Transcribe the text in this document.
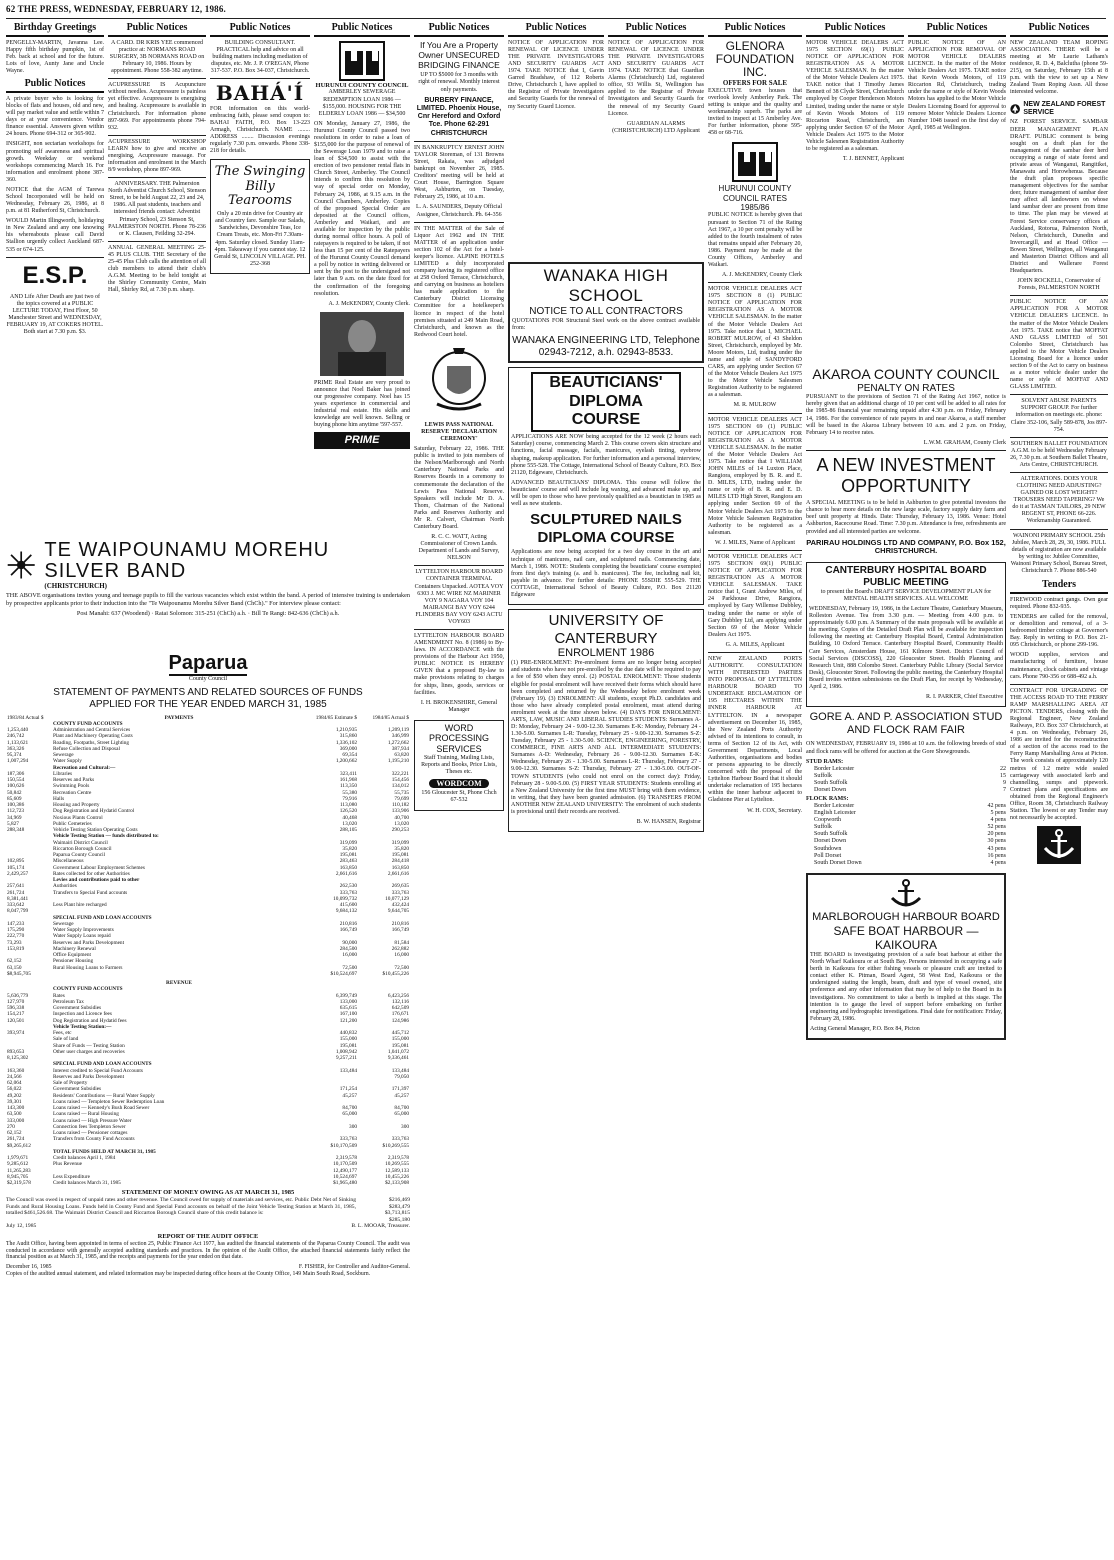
62 THE PRESS, WEDNESDAY, FEBRUARY 12, 1986.
Birthday Greetings

PENGELLY-MARTIN, Javanna Lee. Happy fifth birthday pumpkin, 1st of Feb. back at school and for the future. Lots of love, Aunty Jane and Uncle Wayne.

Public Notices

A private buyer who is looking for blocks of flats and houses, old and new, will pay market value and settle within 7 days or at your convenience. Vendor finance essential. Answers given within 24 hours. Phone 694-312 or 365-902.

INSIGHT, non sectarian workshops for promoting self awareness and spiritual growth. Weekday or weekend workshops commencing March 16. For information and enrolment phone 387-360.

NOTICE that the AGM of Tarewa School Incorporated will be held on Wednesday, February 26, 1986, at 8 p.m. at 81 Rutherford St, Christchurch.

WOULD Martin Illingworth, holidaying in New Zealand and any one knowing his whereabouts please call David Stallion urgently collect Auckland 687-535 or 674-125.

E.S.P.

AND Life After Death are just two of the topics covered at a PUBLIC LECTURE TODAY, First Floor, 50 Manchester Street and WEDNESDAY, FEBRUARY 19, AT COKERS HOTEL. Both start at 7.30 p.m. $3.

Public Notices

A CARD. DR KRIS YEE commenced practice at: NORMANS ROAD SURGERY, 3B NORMANS ROAD on February 10, 1986. Hours by appointment. Phone 558-382 anytime.

ACUPRESSURE IS Acupuncture without needles. Acupressure is painless yet effective. Acupressure is energising and healing. Acupressure is available in Christchurch. For information phone 897-969. For appointments phone 794-932.

ACUPRESSURE WORKSHOP LEARN how to give and receive an energising, Acupressure massage. For information and enrolment in the March 8/9 workshop, phone 897-969.

ANNIVERSARY. THE Palmerston North Adventist Church School, Stenson Street, to be held August 22, 23 and 24, 1986. All past students, teachers and interested friends contact: Adventist Primary School, 23 Stenson St, PALMERSTON NORTH. Phone 78-236 or K. Clausen, Feilding 32-294.

ANNUAL GENERAL MEETING 25-45 PLUS CLUB. THE Secretary of the 25-45 Plus Club calls the attention of all club members to attend their club's A.G.M. Meeting to be held tonight at the Shirley Community Centre, Main Hall, Shirley Rd, at 7.30 p.m. sharp.

Public Notices

BUILDING CONSULTANT. PRACTICAL help and advice on all building matters including mediation of disputes, etc. Mr. J. P. O'REGAN, Phone 317-537. P.O. Box 34-037, Christchurch.

BAHÁ'Í

FOR information on this world-embracing faith, please send coupon to: BAHAI FAITH, P.O. Box 13-223 Armagh, Christchurch. NAME ........ ADDRESS ........ Discussion evenings regularly 7.30 p.m. onwards. Phone 338-218 for details.

The Swinging Billy Tearooms

Only a 20 min drive for Country air and Country fare. Sample our Salads, Sandwiches, Devonshire Teas, Ice Cream Treats, etc. Mon-Fri 7.30am-4pm. Saturday closed. Sunday 11am-4pm. Takeaway if you cannot stay. 12 Gerald St, LINCOLN VILLAGE. PH. 252-368

Public Notices
HURUNUI COUNTY COUNCIL

AMBERLEY SEWERAGE REDEMPTION LOAN 1986 — $155,000. HOUSING FOR THE ELDERLY LOAN 1986 — $34,500

ON Monday, January 27, 1986, the Hurunui County Council passed two resolutions in order to raise a loan of $155,000 for the purpose of renewal of the Sewerage Loan 1979 and to raise a loan of $34,500 to assist with the erection of two pensioner rental flats in Church Street, Amberley. The Council intends to confirm this resolution by way of special order on Monday, February 24, 1986, at 9.15 a.m. in the Council Chambers, Amberley. Copies of the proposed Special Order are deposited at the Council offices, Amberley and Waikari, and are available for inspection by the public during normal office hours. A poll of ratepayers is required to be taken, if not less than 15 per cent of the Ratepayers of the Hurunui County Council demand a poll by notice in writing delivered or sent by the post to the undersigned not later than 9 a.m. on the date fixed for the confirmation of the foregoing resolution.

A. J. McKENDRY, County Clerk.

PRIME Real Estate are very proud to announce that Noel Baker has joined our progressive company. Noel has 15 years experience in commercial and industrial real estate. His skills and knowledge are well known. Selling or buying phone him anytime '597-557.

PRIME
Public Notices
If You Are a Property Owner UNSECURED BRIDGING FINANCE

UP TO $5000 for 3 months with right of renewal. Monthly interest only payments.

BURBERY FINANCE, LIMITED. Phoenix House, Cnr Hereford and Oxford Tce. Phone 62-291 CHRISTCHURCH

IN BANKRUPTCY ERNEST JOHN TAYLOR Storeman, of 131 Browns Street, Rakaia, was adjudged bankrupt on November 26, 1985. Creditors' meeting will be held at Court House, Barrington Square West, Ashburton, on Tuesday, February 25, 1986, at 10 a.m.

L. A. SAUNDERS, Deputy Official Assignee, Christchurch. Ph. 64-356

IN THE MATTER of the Sale of Liquor Act 1962 and IN THE MATTER of an application under section 102 of the Act for a hotel-keeper's licence. ALPINE HOTELS LIMITED a duly incorporated company having its registered office at 258 Oxford Terrace, Christchurch, and carrying on business as hoteliers has made application to the Canterbury District Licensing Committee for a hotelkeeper's licence in respect of the hotel premises situated at 249 Main Road, Christchurch, and known as the Redwood Court hotel.

LEWIS PASS NATIONAL RESERVE 'DECLARATION CEREMONY'

Saturday, February 22, 1986. THE public is invited to join members of the Nelson/Marlborough and North Canterbury National Parks and Reserves Boards in a ceremony to commemorate the declaration of the Lewis Pass National Reserve. Speakers will include Mr D. A. Thom, Chairman of the National Parks and Reserves Authority and Mr R. Calvert, Chairman North Canterbury Board.

R. C. C. WATT, Acting Commissioner of Crown Lands. Department of Lands and Survey, NELSON

LYTTELTON HARBOUR BOARD CONTAINER TERMINAL Containers Unpacked. AOTEA VOY 6303 J. MC WIRE NZ MARINER VOY 9 NAGARA VOY 104 MAIRANGI BAY VOY 6244 FLINDERS BAY VOY 6243 ACTU VOY603

LYTTELTON HARBOUR BOARD AMENDMENT No. 8 (1986) to By-laws. IN ACCORDANCE with the provisions of the Harbour Act 1950, PUBLIC NOTICE IS HEREBY GIVEN that a proposed By-law to make provisions relating to charges for ships, lines, goods, services or facilities.

I. H. BROKENSHIRE, General Manager

WORD PROCESSING SERVICES

Staff Training, Mailing Lists, Reports and Books, Price Lists, Theses etc.

WORDCOM

156 Gloucester St, Phone Chch 67-532

Public Notices

NOTICE OF APPLICATION FOR RENEWAL OF LICENCE UNDER THE PRIVATE INVESTIGATORS AND SECURITY GUARDS ACT 1974. TAKE NOTICE that I, Gavin Garred Bradshaw, of 112 Roberts Drive, Christchurch I, have applied to the Registrar of Private Investigators and Security Guards for the renewal of my Security Guard Licence.

Public Notices

NOTICE OF APPLICATION FOR RENEWAL OF LICENCE UNDER THE PRIVATE INVESTIGATORS AND SECURITY GUARDS ACT 1974. TAKE NOTICE that Guardian Alarms (Christchurch) Ltd, registered office, 93 Willis St, Wellington has applied to the Registrar of Private Investigators and Security Guards for the renewal of my Security Guard Licence.

GUARDIAN ALARMS (CHRISTCHURCH) LTD Applicant

WANAKA HIGH SCHOOL
NOTICE TO ALL CONTRACTORS

QUOTATIONS FOR Structural Steel work on the above contract available from:

WANAKA ENGINEERING LTD, Telephone 02943-7212, a.h. 02943-8533.
BEAUTICIANS' DIPLOMA COURSE

APPLICATIONS ARE NOW being accepted for the 12 week (2 hours each Saturday) course, commencing March 2. This course covers skin structure and functions, facial massage, facials, manicures, eyelash tinting, eyebrow shaping, makeup application. For further information and a personal interview, phone 555-528. The Cottage, International School of Beauty Culture, P.O. Box 21120, Edgeware, Christchurch.

ADVANCED BEAUTICIANS' DIPLOMA. This course will follow the beauticians' course and will include leg waxing, and advanced make up, and will be open to those who have previously qualified as a beautician in 1985 as well as new students.

SCULPTURED NAILS DIPLOMA COURSE

Applications are now being accepted for a two day course in the art and technique of manicures, nail care, and sculptured nails. Commencing date, March 1, 1986. NOTE: Students completing the beauticians' course exempted from first day's training (a. and b. manicures). The fee, including nail kit, payable in advance. For further details: PHONE 55SDIE 555-529. THE COTTAGE, International School of Beauty Culture, P.O. Box 21120 Edgeware

UNIVERSITY OF CANTERBURY
ENROLMENT 1986

(1) PRE-ENROLMENT: Pre-enrolment forms are no longer being accepted and students who have not pre-enrolled by the due date will be required to pay a fee of $50 when they enrol. (2) POSTAL ENROLMENT: Those students eligible for postal enrolment will have received their forms which should have been completed and returned by the Wednesday before enrolment week (February 19). (3) ENROLMENT: All students, except Ph.D. candidates and those who have already completed postal enrolment, must attend during enrolment week at the time shown below. (4) DAYS FOR ENROLMENT: ARTS, LAW, MUSIC AND LIBERAL STUDIES STUDENTS: Surnames A-D: Monday, February 24 - 9.00-12.30. Surnames E-K: Monday, February 24 - 1.30-5.00. Surnames L-R: Tuesday, February 25 - 9.00-12.30. Surnames S-Z: Tuesday, February 25 - 1.30-5.00. SCIENCE, ENGINEERING, FORESTRY, COMMERCE, FINE ARTS AND ALL INTERMEDIATE STUDENTS: Surnames A-D: Wednesday, February 26 - 9.00-12.30. Surnames E-K: Wednesday, February 26 - 1.30-5.00. Surnames L-R: Thursday, February 27 - 9.00-12.30. Surnames S-Z: Thursday, February 27 - 1.30-5.00. OUT-OF-TOWN STUDENTS (who could not enrol on the correct day): Friday, February 28 - 9.00-5.00. (5) FIRST YEAR STUDENTS: Students enrolling at a New Zealand University for the first time MUST bring with them evidence, in writing, that they have been granted admission. (6) TRANSFERS FROM ANOTHER NEW ZEALAND UNIVERSITY: The enrolment of such students is provisional until their records are received.

B. W. HANSEN, Registrar

Public Notices
GLENORA FOUNDATION INC.
OFFERS FOR SALE

EXECUTIVE town houses that overlook lovely Amberley Park. The setting is unique and the quality and workmanship superb. The parks are invited to inspect at 15 Amberley Ave. For further information, phone 595-458 or 68-716.

HURUNUI COUNTY COUNCIL RATES 1985/86

PUBLIC NOTICE is hereby given that pursuant to Section 71 of the Rating Act 1967, a 10 per cent penalty will be added to the fourth instalment of rates that remains unpaid after February 20, 1986. Payment may be made at the County Offices, Amberley and Waikari.

A. J. McKENDRY, County Clerk

MOTOR VEHICLE DEALERS ACT 1975 SECTION 8 (1) PUBLIC NOTICE OF APPLICATION FOR REGISTRATION AS A MOTOR VEHICLE SALESMAN. In the matter of the Motor Vehicle Dealers Act 1975. Take notice that I, MICHAEL ROBERT MULROW, of 43 Sheldon Street, Christchurch, employed by Mr. Moore Motors, Ltd, trading under the name and style of SANDYFORD CARS, am applying under Section 67 of the Motor Vehicle Dealers Act 1975 to the Motor Vehicle Salesmen Registration Authority to be registered as a salesman.

M. R. MULROW

MOTOR VEHICLE DEALERS ACT 1975 SECTION 69 (1) PUBLIC NOTICE OF APPLICATION FOR REGISTRATION AS A MOTOR VEHICLE SALESMAN. In the matter of the Motor Vehicle Dealers Act 1975. Take notice that I WILLIAM JOHN MILES of 14 Luxton Place, Rangiora, employed by B. R. and E. D. MILES, LTD, trading under the name or style of B. R. and E. D. MILES LTD High Street, Rangiora am applying under Section 69 of the Motor Vehicle Dealers Act 1975 to the Motor Vehicle Salesmen Registration Authority to be registered as a salesman.

W. J. MILES, Name of Applicant

MOTOR VEHICLE DEALERS ACT 1975 SECTION 69(1) PUBLIC NOTICE OF APPLICATION FOR REGISTRATION AS A MOTOR VEHICLE SALESMAN. TAKE notice that I, Grant Andrew Miles, of 24 Parkhouse Drive, Rangiora, employed by Gary Willemse Dubbley, trading under the name or style of Gary Dubbley Ltd, am applying under Section 69 of the Motor Vehicle Dealers Act 1975.

G. A. MILES, Applicant

NEW ZEALAND PORTS AUTHORITY. CONSULTATION WITH INTERESTED PARTIES INTO PROPOSAL OF LYTTELTON HARBOUR BOARD TO UNDERTAKE RECLAMATION OF 195 HECTARES WITHIN THE INNER HARBOUR AT LYTTELTON. IN a newspaper advertisement on December 16, 1985, the New Zealand Ports Authority advised of its intentions to consult, in terms of Section 12 of its Act, with Government Departments, Local Authorities, organisations and bodies or persons appearing to be directly concerned with the proposal of the Lyttelton Harbour Board that it should undertake reclamation of 195 hectares within the inner harbour adjacent to Gladstone Pier at Lyttelton.

W. H. COX, Secretary.

Public Notices

MOTOR VEHICLE DEALERS ACT 1975 SECTION 69(1) PUBLIC NOTICE OF APPLICATION FOR REGISTRATION AS A MOTOR VEHICLE SALESMAN. In the matter of the Motor Vehicle Dealers Act 1975. TAKE notice that I Timothy James Bennett of 38 Clyde Street, Christchurch employed by Cooper Henderson Motors Limited, trading under the name or style of Kevin Woods Motors of 119 Riccarton Road, Christchurch, am applying under Section 67 of the Motor Vehicle Dealers Act 1975 to the Motor Vehicle Salesmen Registration Authority to be registered as a salesman.

T. J. BENNET, Applicant

Public Notices

PUBLIC NOTICE OF AN APPLICATION FOR REMOVAL OF MOTOR VEHICLE DEALERS LICENCE. In the matter of the Motor Vehicle Dealers Act 1975. TAKE notice that Kevin Woods Motors, of 119 Riccarton Rd, Christchurch, trading under the name or style of Kevin Woods Motors has applied to the Motor Vehicle Dealers Licensing Board for approval to remove Motor Vehicle Dealers Licence Number 1048 issued on the first day of April, 1985 at Wellington.

AKAROA COUNTY COUNCIL
PENALTY ON RATES

PURSUANT to the provisions of Section 71 of the Rating Act 1967, notice is hereby given that an additional charge of 10 per cent will be added to all rates for the 1985-86 financial year remaining unpaid after 4.30 p.m. on Friday, February 14, 1986. For the convenience of rate payers in and near Akaroa, a staff member will be based in the Akaroa Library between 10 a.m. and 2 p.m. on Friday, February 14 to receive rates.

L.W.M. GRAHAM, County Clerk

A NEW INVESTMENT OPPORTUNITY

A SPECIAL MEETING is to be held in Ashburton to give potential investors the chance to hear more details on the new large scale, factory supply dairy farm and beef unit property at Hinds. Date: Thursday, February 13, 1986. Venue: Hotel Ashburton, Racecourse Road. Time: 7.30 p.m. Attendance is free, refreshments are provided and all interested parties are welcome.

PARIRAU HOLDINGS LTD AND COMPANY, P.O. Box 152, CHRISTCHURCH.

CANTERBURY HOSPITAL BOARD PUBLIC MEETING

to present the Board's DRAFT SERVICE DEVELOPMENT PLAN for MENTAL HEALTH SERVICES. ALL WELCOME

WEDNESDAY, February 19, 1986, in the Lecture Theatre, Canterbury Museum, Rolleston Avenue. Tea from 3.30 p.m. — Meeting from 4.00 p.m. to approximately 6.00 p.m. A Summary of the main proposals will be available at the meeting. Copies of the Detailed Draft Plan will be available for inspection following the meeting at: Canterbury Hospital Board, Central Administration Building, 10 Oxford Terrace. Canterbury Hospital Board, Community Health Care Services, Amsterdam House, 161 Kilmore Street. District Council of Social Services (DISCOSS), 220 Gloucester Street. Health Planning and Research Unit, 888 Colombo Street. Canterbury Public Library (Social Service Desk), Gloucester Street. Following the public meeting, the Canterbury Hospital Board invites written submissions on the Draft Plan, for receipt by Wednesday, April 2, 1986.

R. I. PARKER, Chief Executive

GORE A. AND P. ASSOCIATION STUD AND FLOCK RAM FAIR

ON WEDNESDAY, FEBRUARY 19, 1986 at 10 a.m. the following breeds of stud and flock rams will be offered for auction at the Gore Showgrounds.

STUD RAMS:
Border Leicester	22
Suffolk	15
South Suffolk	9
Dorset Down	7
FLOCK RAMS:
Border Leicester	42 pens
English Leicester	5 pens
Coopworth	4 pens
Suffolk	52 pens
South Suffolk	20 pens
Dorset Down	30 pens
Southdown	43 pens
Poll Dorset	16 pens
South Dorset Down	4 pens
MARLBOROUGH HARBOUR BOARD
SAFE BOAT HARBOUR — KAIKOURA

THE BOARD is investigating provision of a safe boat harbour at either the North Wharf Kaikoura or at South Bay. Persons interested in occupying a safe berth in Kaikoura for either fishing vessels or pleasure craft are invited to contact either K. Pitman, Board Agent, 58 West End, Kaikoura or the undersigned stating the length, beam, draft and type of vessel owned, site preference and any other information that may be of help to the Board in its investigations. No commitment to take a berth is implied at this stage. The intention is to gauge the level of support before embarking on further engineering and hydrographic investigations. Final date for notification: Friday, February 28, 1986.

Acting General Manager, P.O. Box 84, Picton

Public Notices

NEW ZEALAND TEAM ROPING ASSOCIATION. THERE will be a meeting at Mr Laurie Latham's residence, R. D. 4, Balclutha (phone 59-215), on Saturday, February 15th at 8 p.m. with the view to set up a New Zealand Team Roping Assn. All those interested welcome.

NEW ZEALAND FOREST SERVICE

NZ FOREST SERVICE. SAMBAR DEER MANAGEMENT PLAN DRAFT. PUBLIC comment is being sought on a draft plan for the management of the sambar deer herd occupying a range of state forest and private areas of Wanganui, Rangitikei, Manawatu and Horowhenua. Because the draft plan proposes specific management objectives for the sambar deer, future management of sambar deer may affect all landowners on whose land sambar deer are present from time to time. The plan may be viewed at Forest Service conservancy offices at Auckland, Rotorua, Palmerston North, Nelson, Christchurch, Dunedin and Invercargill, and at Head Office — Bowen Street, Wellington, all Wanganui and Masterton District Offices and all District and Wallerare Forest Headquarters.

JOHN ROCKELL, Conservator of Forests, PALMERSTON NORTH

PUBLIC NOTICE OF AN APPLICATION FOR A MOTOR VEHICLE DEALER'S LICENCE. In the matter of the Motor Vehicle Dealers Act 1975. TAKE notice that MOFFAT AND GLASS LIMITED of 501 Colombo Street, Christchurch has applied to the Motor Vehicle Dealers Licensing Board for a licence under section 9 of the Act to carry on business as a motor vehicle dealer under the name or style of MOFFAT AND GLASS LIMITED.

SOLVENT ABUSE PARENTS SUPPORT GROUP. For further information on meetings etc. phone: Claire 352-106, Sally 589-878, Jos 897-754.

SOUTHERN BALLET FOUNDATION A.G.M. to be held Wednesday February 26, 7.30 p.m. at Southern Ballet Theatre, Arts Centre, CHRISTCHURCH.

ALTERATIONS. DOES YOUR CLOTHING NEED ADJUSTING? GAINED OR LOST WEIGHT? TROUSERS NEED TAPERING? We do it at TASMAN TAILORS, 29 NEW REGENT ST, PHONE 66-226. Workmanship Guaranteed.

WAINONI PRIMARY SCHOOL 25th Jubilee, March 28, 29, 30, 1986. FULL details of registration are now available by writing to: Jubilee Committee, Wainoni Primary School, Bureau Street, Christchurch 7. Phone 886-540

Tenders

FIREWOOD contract gangs. Own gear required. Phone 832-935.

TENDERS are called for the removal, or demolition and removal, of a 3-bedroomed timber cottage at Governor's Bay. Reply in writing to P.O. Box 21-095 Christchurch, or phone 299-196.

WOOD supplies, services and manufacturing of furniture, house maintenance, clock cabinets and vintage cars. Phone 790-356 or 688-492 a.h.

CONTRACT FOR UPGRADING OF THE ACCESS ROAD TO THE FERRY RAMP MARSHALLING AREA AT PICTON. TENDERS, closing with the Regional Engineer, New Zealand Railways, P.O. Box 337 Christchurch, at 4 p.m. on Wednesday, February 26, 1986 are invited for the reconstruction of a section of the access road to the Ferry Ramp Marshalling Area at Picton. The work consists of approximately 120 metres of 1.2 metre wide sealed carriageway with associated kerb and channelling, sumps and pipework. Contract plans and specifications are obtained from the Regional Engineer's Office, Room 38, Christchurch Railway Station. The lowest or any Tender may not necessarily be accepted.

TE WAIPOUNAMU MOREHU SILVER BAND
(CHRISTCHURCH)

THE ABOVE organisations invites young and teenage pupils to fill the various vacancies which exist within the band. A period of intensive training is undertaken by prospective applicants prior to their induction into the "Te Waipounamu Morehu Silver Band (ChCh)." For interview please contact:

Posi Manahi: 637 (Woodend) · Ratai Solomon: 315-251 (ChCh) a.h. · Bill Te Rangi: 842-636 (ChCh) a.h.

Paparua
County Council
STATEMENT OF PAYMENTS AND RELATED SOURCES OF FUNDS APPLIED FOR THE YEAR ENDED MARCH 31, 1985
1983/84 Actual $	PAYMENTS	1984/85 Estimate $	1984/85 Actual $
	COUNTY FUND ACCOUNTS		
1,253,440	Administration and Central Services	1,210,935	1,209,119
246,742	Plant and Machinery Operating Costs	315,860	346,999
1,133,621	Roading, Footpaths, Street Lighting	1,336,102	1,272,662
363,326	Refuse Collection and Disposal	369,000	387,934
95,374	Sewerage	69,354	63,820
1,007,294	Water Supply	1,200,662	1,195,210
	Recreation and Cultural:—		
187,306	Libraries	323,411	322,221
150,554	Reserves and Parks	161,968	154,456
100,626	Swimming Pools	113,350	134,012
50,842	Recreation Centre	55,380	55,735
85,609	Halls	79,916	79,699
100,386	Housing and Property	113,080	110,182
112,723	Dog Registration and Hydatid Control	126,520	133,906
34,969	Noxious Plants Control	40,468	40,700
5,827	Public Cemeteries	13,020	13,020
288,348	Vehicle Testing Station Operating Costs	288,105	290,253
	Vehicle Testing Station — funds distributed to:		
	Waimairi District Council	319,099	319,099
	Riccarton Borough Council	35,820	35,820
	Paparua County Council	195,081	195,081
102,895	Miscellaneous	283,463	284,418
105,174	Government Labour Employment Schemes	163,850	163,850
2,429,257	Rates collected for other Authorities	2,661,616	2,661,616
	Levies and contributions paid to other		
257,641	Authorities	262,530	269,635
261,724	Transfers to Special Fund accounts	333,763	333,763
8,381,441		10,099,732	10,077,129
333,642	Less Plant hire recharged	415,600	432,424
8,047,799		9,684,132	9,644,705
	SPECIAL FUND AND LOAN ACCOUNTS		
147,233	Sewerage	210,816	210,816
175,290	Water Supply Improvements	166,749	166,749
222,770	Water Supply Loans repaid		
73,293	Reserves and Parks Development	90,000	81,584
153,819	Machinery Renewal	284,500	262,882
	Office Equipment	16,000	16,000
62,152	Pensioner Housing		
63,150	Rural Housing Loans to Farmers	72,500	72,500
$8,945,705		$10,524,697	$10,455,226
	REVENUE		
	COUNTY FUND ACCOUNTS		
5,636,779	Rates	6,399,749	6,423,256
127,970	Petroleum Tax	133,000	132,116
596,338	Government Subsidies	635,615	642,509
154,217	Inspection and Licence fees	167,100	176,671
120,501	Dog Registration and Hydatid fees	121,200	124,986
	Vehicle Testing Station:—		
393,974	Fees, etc	440,832	445,712
	Sale of land	155,000	155,000
	Share of Funds — Testing Station	195,081	195,081
893,653	Other user charges and recoveries	1,008,942	1,041,072
8,125,302		9,257,211	9,336,461
	SPECIAL FUND AND LOAN ACCOUNTS		
163,360	Interest credited to Special Fund Accounts	133,484	133,484
24,566	Reserves and Parks Development		79,050
62,064	Sale of Property		
56,022	Government Subsidies	171,254	171,397
49,202	Residents' Contributions — Rural Water Supply	45,257	45,257
39,301	Loans raised — Templeton Sewer Redemption Loan		
143,300	Loans raised — Kennedy's Bush Road Sewer	84,700	84,700
63,500	Loans raised — Rural Housing	65,000	65,000
333,000	Loans raised — High Pressure Water		
270	Connection fees Templeton Sewer	300	300
62,152	Loans raised — Pensioner cottages		
261,724	Transfers from County Fund Accounts	333,763	333,763
$9,265,612		$10,170,509	$10,269,555
	TOTAL FUNDS HELD AT MARCH 31, 1985		
1,979,671	Credit balances April 1, 1984	2,319,578	2,319,578
9,285,612	Plus Revenue	10,170,509	10,269,555
11,265,283		12,490,177	12,589,133
8,945,705	Less Expenditure	10,524,697	10,455,226
$2,319,578	Credit balances March 31, 1985	$1,965,480	$2,133,908
STATEMENT OF MONEY OWING AS AT MARCH 31, 1985

The Council was owed in respect of unpaid rates and other revenue. The Council owed for supply of materials and services, etc. Public Debt Net of Sinking Funds and Rural Housing Loans. Funds held in County Fund and Special Fund accounts on behalf of the Joint Vehicle Testing Station at March 31, 1985, totalled $461,526.68. The Waimairi District Council and Riccarton Borough Council share of this credit balance is:

$216,469
$283,479
$3,713,815
$285,180
July 12, 1985	B. L. MOOAR, Treasurer.
REPORT OF THE AUDIT OFFICE

The Audit Office, having been appointed in terms of section 25, Public Finance Act 1977, has audited the financial statements of the Paparua County Council. The audit was conducted in accordance with generally accepted auditing standards and practices. In the opinion of the Audit Office, the attached financial statements fairly reflect the financial position as at March 31, 1985, and the receipts and payments for the year ended on that date.

December 16, 1985	F. FISHER, for Controller and Auditor-General.

Copies of the audited annual statement, and related information may be inspected during office hours at the County Office, 149 Main South Road, Sockburn.
